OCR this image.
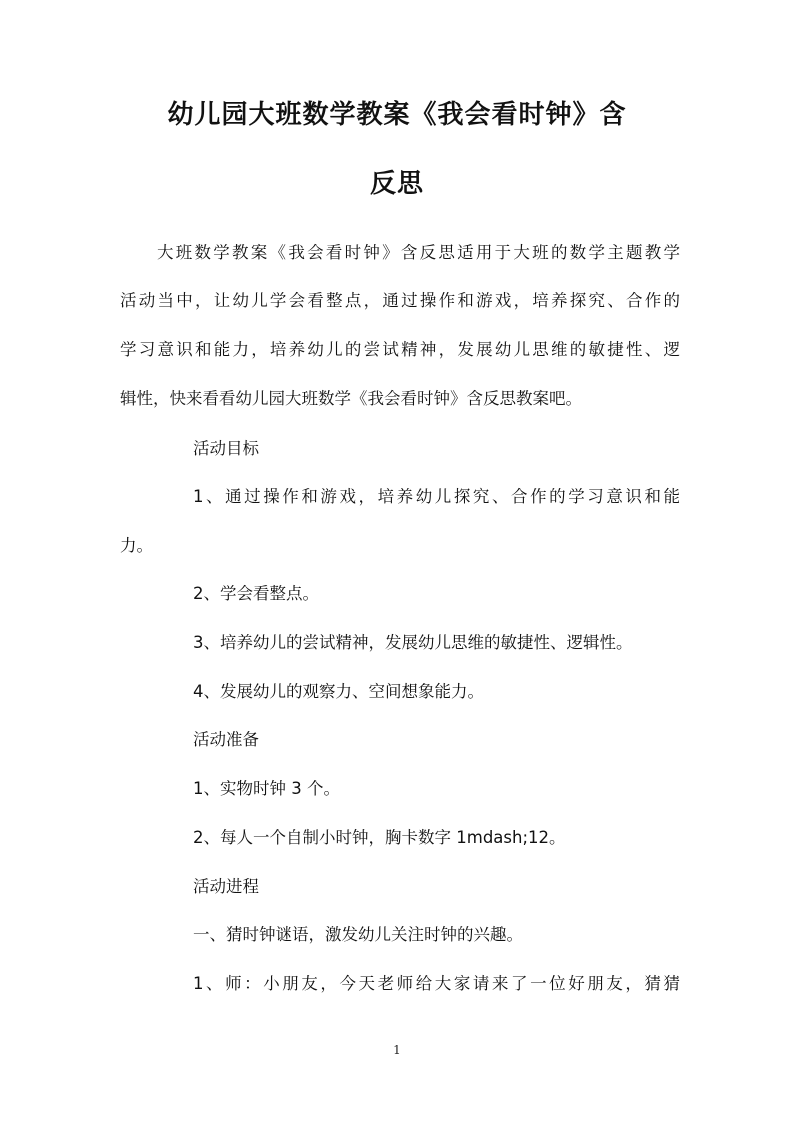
幼儿园大班数学教案《我会看时钟》含
反思
大班数学教案《我会看时钟》含反思适用于大班的数学主题教学
活动当中，让幼儿学会看整点，通过操作和游戏，培养探究、合作的
学习意识和能力，培养幼儿的尝试精神，发展幼儿思维的敏捷性、逻
辑性，快来看看幼儿园大班数学《我会看时钟》含反思教案吧。
活动目标
1、通过操作和游戏，培养幼儿探究、合作的学习意识和能
力。
2、学会看整点。
3、培养幼儿的尝试精神，发展幼儿思维的敏捷性、逻辑性。
4、发展幼儿的观察力、空间想象能力。
活动准备
1、实物时钟 3 个。
2、每人一个自制小时钟，胸卡数字 1mdash;12。
活动进程
一、猜时钟谜语，激发幼儿关注时钟的兴趣。
1、师：小朋友，今天老师给大家请来了一位好朋友，猜猜
1
